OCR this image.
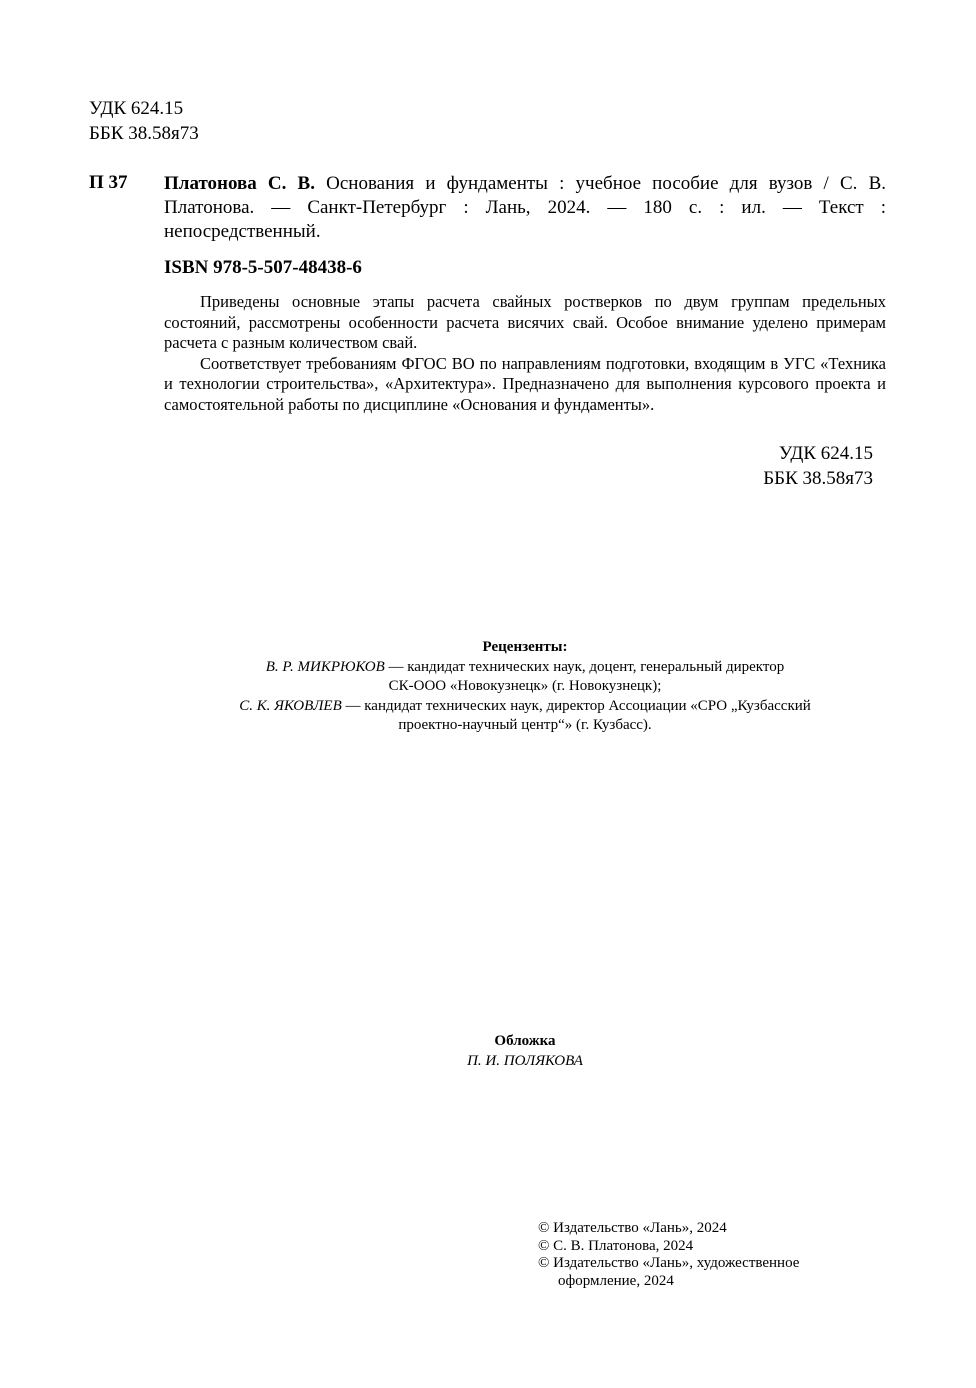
УДК 624.15
ББК 38.58я73
П 37 Платонова С. В. Основания и фундаменты : учебное пособие для вузов / С. В. Платонова. — Санкт-Петербург : Лань, 2024. — 180 с. : ил. — Текст : непосредственный.
ISBN 978-5-507-48438-6

Приведены основные этапы расчета свайных ростверков по двум группам предельных состояний, рассмотрены особенности расчета висячих свай. Особое внимание уделено примерам расчета с разным количеством свай.

Соответствует требованиям ФГОС ВО по направлениям подготовки, входящим в УГС «Техника и технологии строительства», «Архитектура». Предназначено для выполнения курсового проекта и самостоятельной работы по дисциплине «Основания и фундаменты».

УДК 624.15
ББК 38.58я73
Рецензенты:
В. Р. МИКРЮКОВ — кандидат технических наук, доцент, генеральный директор
СК-ООО «Новокузнецк» (г. Новокузнецк);
С. К. ЯКОВЛЕВ — кандидат технических наук, директор Ассоциации «СРО „Кузбасский
проектно-научный центр“» (г. Кузбасс).
Обложка
П. И. ПОЛЯКОВА
© Издательство «Лань», 2024
© С. В. Платонова, 2024
© Издательство «Лань», художественное
оформление, 2024
